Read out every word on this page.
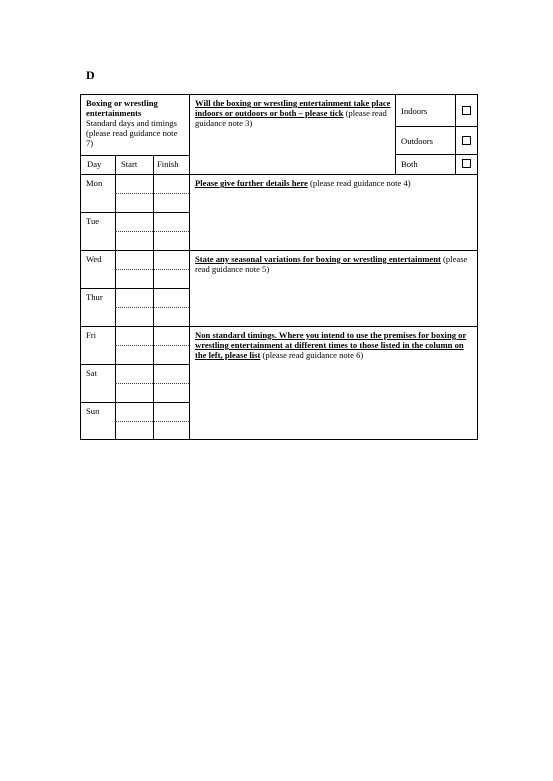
D
Boxing or wrestling entertainments
Standard days and timings (please read guidance note 7)
Day Start Finish
Mon
Tue
Wed
Thur
Fri
Sat
Sun
Will the boxing or wrestling entertainment take place indoors or outdoors or both – please tick (please read guidance note 3)
Indoors
Outdoors
Both
Please give further details here (please read guidance note 4)
State any seasonal variations for boxing or wrestling entertainment (please read guidance note 5)
Non standard timings. Where you intend to use the premises for boxing or wrestling entertainment at different times to those listed in the column on the left, please list (please read guidance note 6)
